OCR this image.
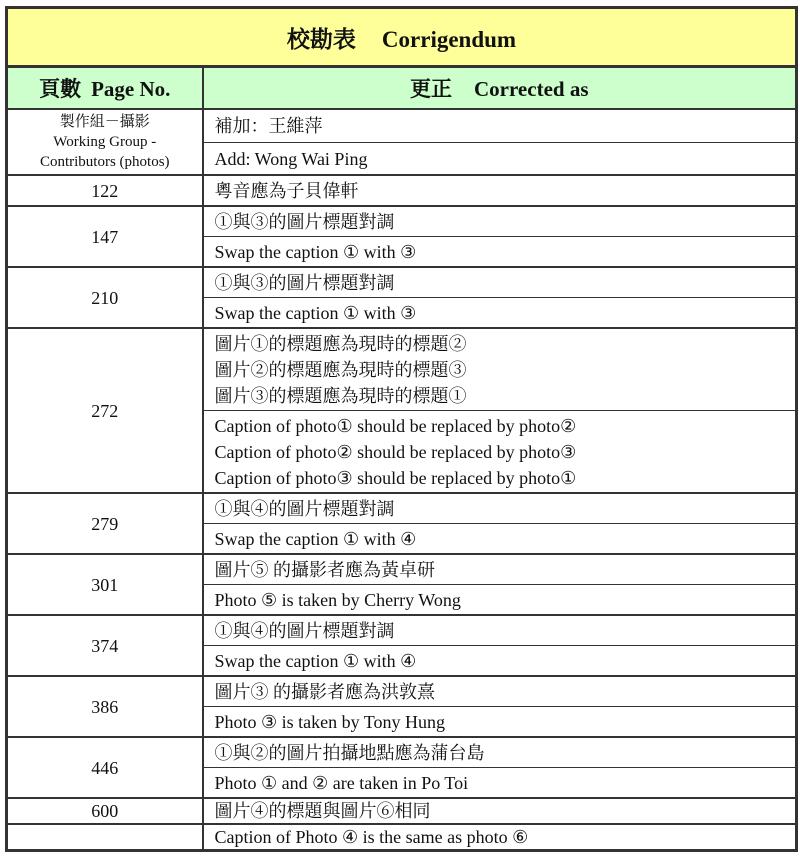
校勘表 Corrigendum	
頁數 Page No.	更正 Corrected as

製作組－攝影
Working Group -
Contributors (photos)	補加：王維萍

	Add: Wong Wai Ping

122	粵音應為子貝偉軒

147	①與③的圖片標題對調

	Swap the caption ① with ③

210	①與③的圖片標題對調

	Swap the caption ① with ③

272	圖片①的標題應為現時的標題②
圖片②的標題應為現時的標題③
圖片③的標題應為現時的標題①

	Caption of photo① should be replaced by photo②
Caption of photo② should be replaced by photo③
Caption of photo③ should be replaced by photo①

279	①與④的圖片標題對調

	Swap the caption ① with ④

301	圖片⑤ 的攝影者應為黃卓研

	Photo ⑤ is taken by Cherry Wong

374	①與④的圖片標題對調

	Swap the caption ① with ④

386	圖片③ 的攝影者應為洪敦熹

	Photo ③ is taken by Tony Hung

446	①與②的圖片拍攝地點應為蒲台島

	Photo ① and ② are taken in Po Toi

600	圖片④的標題與圖片⑥相同

	Caption of Photo ④ is the same as photo ⑥
